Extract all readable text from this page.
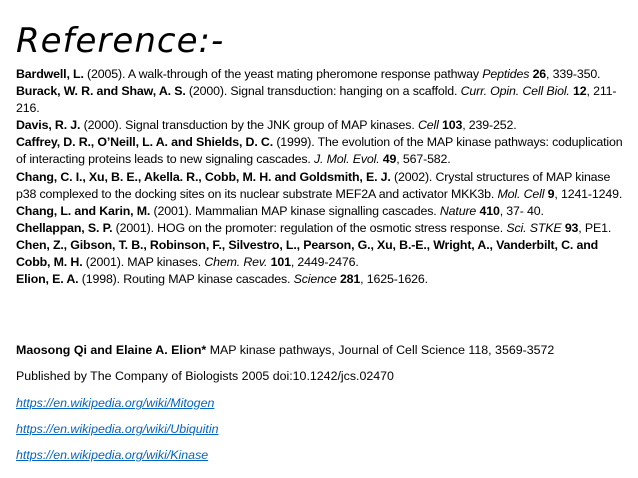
Reference:-

Bardwell, L. (2005). A walk-through of the yeast mating pheromone response pathway Peptides 26, 339-350.

Burack, W. R. and Shaw, A. S. (2000). Signal transduction: hanging on a scaffold. Curr. Opin. Cell Biol. 12, 211-216.

Davis, R. J. (2000). Signal transduction by the JNK group of MAP kinases. Cell 103, 239-252.

Caffrey, D. R., O’Neill, L. A. and Shields, D. C. (1999). The evolution of the MAP kinase pathways: coduplication of interacting proteins leads to new signaling cascades. J. Mol. Evol. 49, 567-582.

Chang, C. I., Xu, B. E., Akella. R., Cobb, M. H. and Goldsmith, E. J. (2002). Crystal structures of MAP kinase p38 complexed to the docking sites on its nuclear substrate MEF2A and activator MKK3b. Mol. Cell 9, 1241-1249.

Chang, L. and Karin, M. (2001). Mammalian MAP kinase signalling cascades. Nature 410, 37- 40.

Chellappan, S. P. (2001). HOG on the promoter: regulation of the osmotic stress response. Sci. STKE 93, PE1.

Chen, Z., Gibson, T. B., Robinson, F., Silvestro, L., Pearson, G., Xu, B.-E., Wright, A., Vanderbilt, C. and Cobb, M. H. (2001). MAP kinases. Chem. Rev. 101, 2449-2476.

Elion, E. A. (1998). Routing MAP kinase cascades. Science 281, 1625-1626.

Maosong Qi and Elaine A. Elion* MAP kinase pathways, Journal of Cell Science 118, 3569-3572
Published by The Company of Biologists 2005 doi:10.1242/jcs.02470
https://en.wikipedia.org/wiki/Mitogen
https://en.wikipedia.org/wiki/Ubiquitin
https://en.wikipedia.org/wiki/Kinase
